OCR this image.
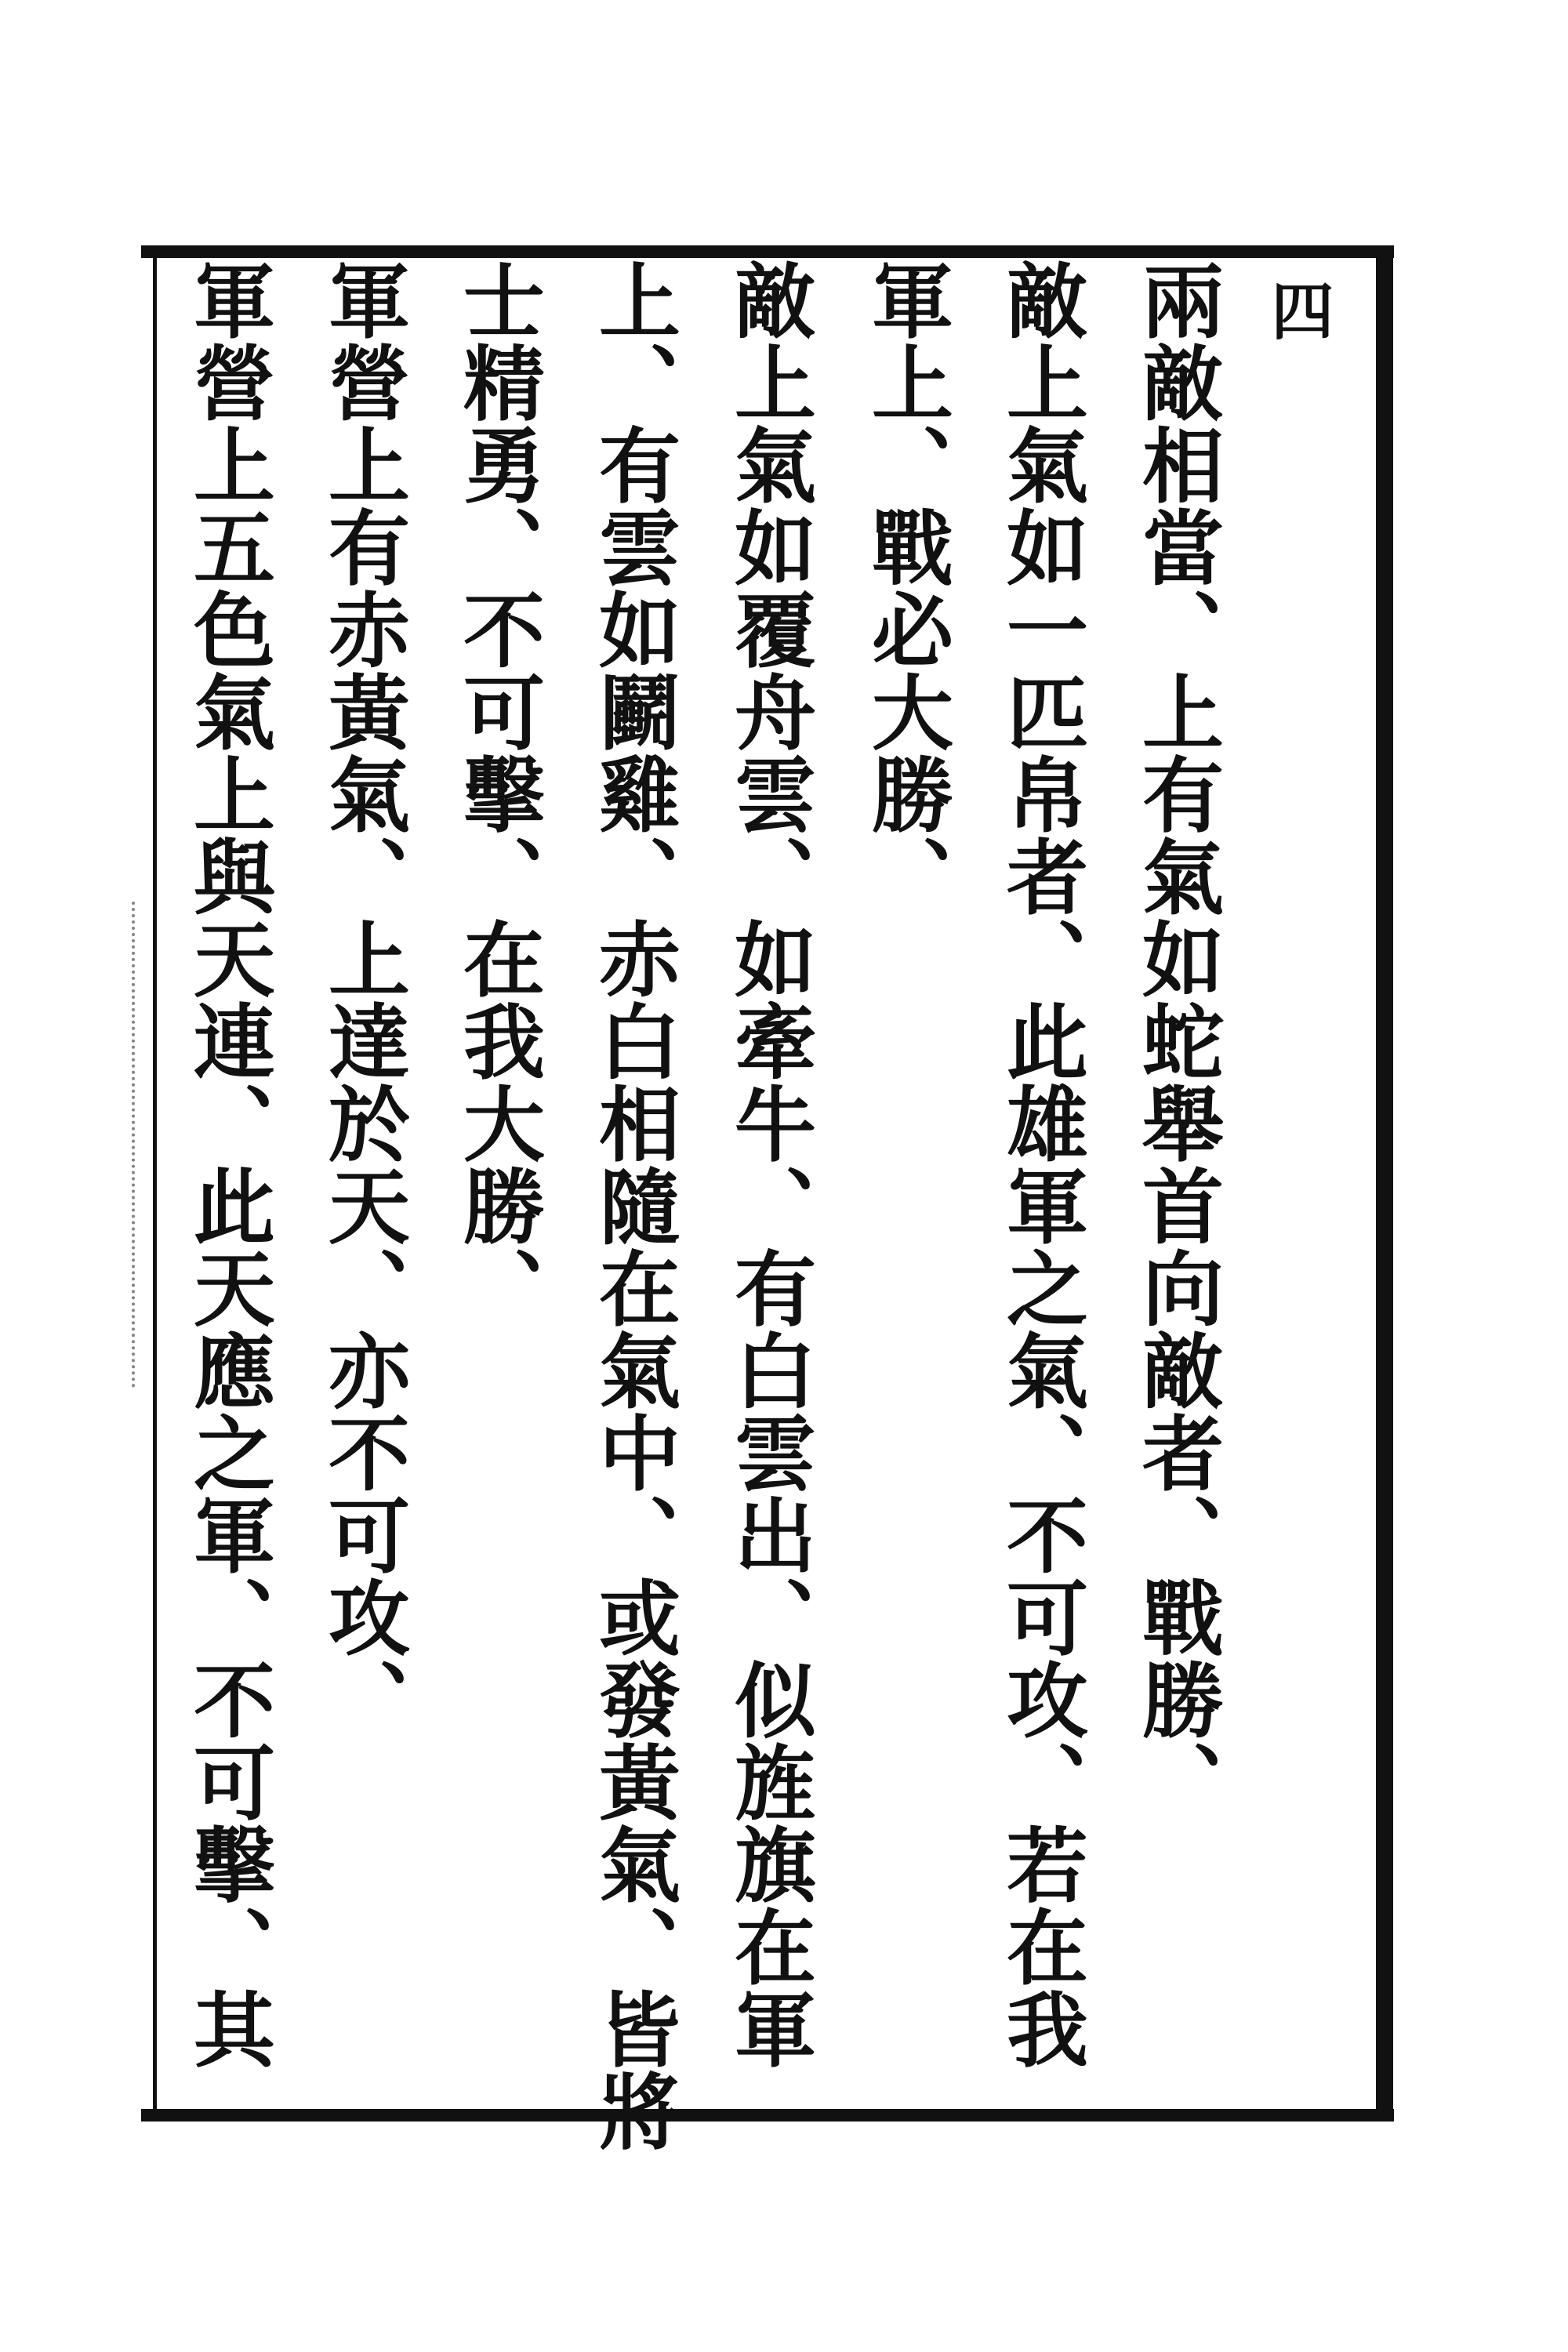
四
兩敵相當、上有氣如蛇舉首向敵者、戰勝、
敵上氣如一匹帛者、此雄軍之氣、不可攻、若在我
軍上、戰必大勝、
敵上氣如覆舟雲、如牽牛、有白雲出、似旌旗在軍
上、有雲如鬬雞、赤白相隨在氣中、或發黃氣、皆將
士精勇、不可擊、在我大勝、
軍營上有赤黃氣、上達於天、亦不可攻、
軍營上五色氣上與天連、此天應之軍、不可擊、其
